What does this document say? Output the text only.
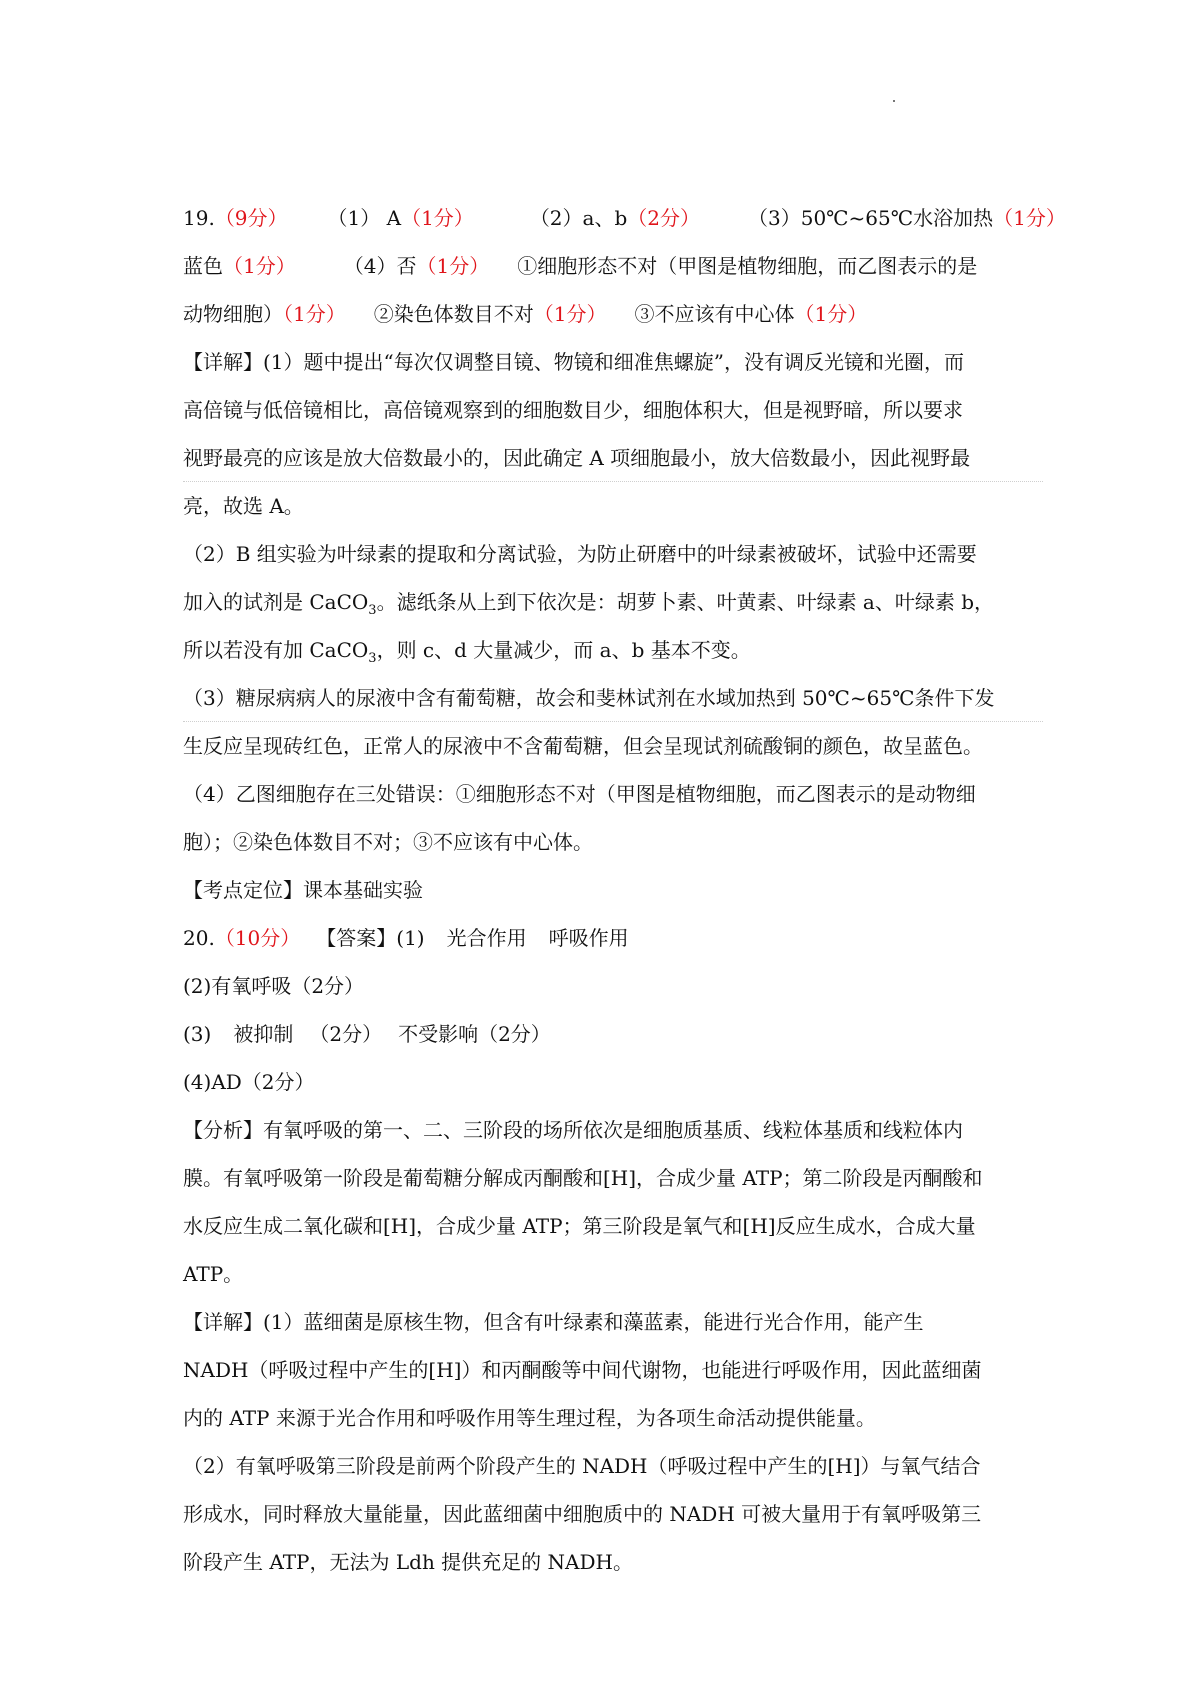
19.（9分） （1） A（1分）	（2）a、b（2分） （3）50℃~65℃水浴加热（1分）
蓝色（1分） （4）否（1分） ①细胞形态不对（甲图是植物细胞，而乙图表示的是
动物细胞）（1分） ②染色体数目不对（1分） ③不应该有中心体（1分）
【详解】(1）题中提出“每次仅调整目镜、物镜和细准焦螺旋”，没有调反光镜和光圈，而
高倍镜与低倍镜相比，高倍镜观察到的细胞数目少，细胞体积大，但是视野暗，所以要求
视野最亮的应该是放大倍数最小的，因此确定 A 项细胞最小，放大倍数最小，因此视野最
亮，故选 A。
（2）B 组实验为叶绿素的提取和分离试验，为防止研磨中的叶绿素被破坏，试验中还需要
加入的试剂是 CaCO$_3$。滤纸条从上到下依次是：胡萝卜素、叶黄素、叶绿素 a、叶绿素 b，
所以若没有加 CaCO$_3$，则 c、d 大量减少，而 a、b 基本不变。
（3）糖尿病病人的尿液中含有葡萄糖，故会和斐林试剂在水域加热到 50℃~65℃条件下发
生反应呈现砖红色，正常人的尿液中不含葡萄糖，但会呈现试剂硫酸铜的颜色，故呈蓝色。
（4）乙图细胞存在三处错误：①细胞形态不对（甲图是植物细胞，而乙图表示的是动物细
胞）；②染色体数目不对；③不应该有中心体。
【考点定位】课本基础实验
20.（10分） 【答案】(1) 光合作用 呼吸作用
(2)有氧呼吸（2分）
(3) 被抑制 （2分） 不受影响（2分）
(4)AD（2分）
【分析】有氧呼吸的第一、二、三阶段的场所依次是细胞质基质、线粒体基质和线粒体内
膜。有氧呼吸第一阶段是葡萄糖分解成丙酮酸和[H]，合成少量 ATP；第二阶段是丙酮酸和
水反应生成二氧化碳和[H]，合成少量 ATP；第三阶段是氧气和[H]反应生成水，合成大量
ATP。
【详解】(1）蓝细菌是原核生物，但含有叶绿素和藻蓝素，能进行光合作用，能产生
NADH（呼吸过程中产生的[H]）和丙酮酸等中间代谢物，也能进行呼吸作用，因此蓝细菌
内的 ATP 来源于光合作用和呼吸作用等生理过程，为各项生命活动提供能量。
（2）有氧呼吸第三阶段是前两个阶段产生的 NADH（呼吸过程中产生的[H]）与氧气结合
形成水，同时释放大量能量，因此蓝细菌中细胞质中的 NADH 可被大量用于有氧呼吸第三
阶段产生 ATP，无法为 Ldh 提供充足的 NADH。
